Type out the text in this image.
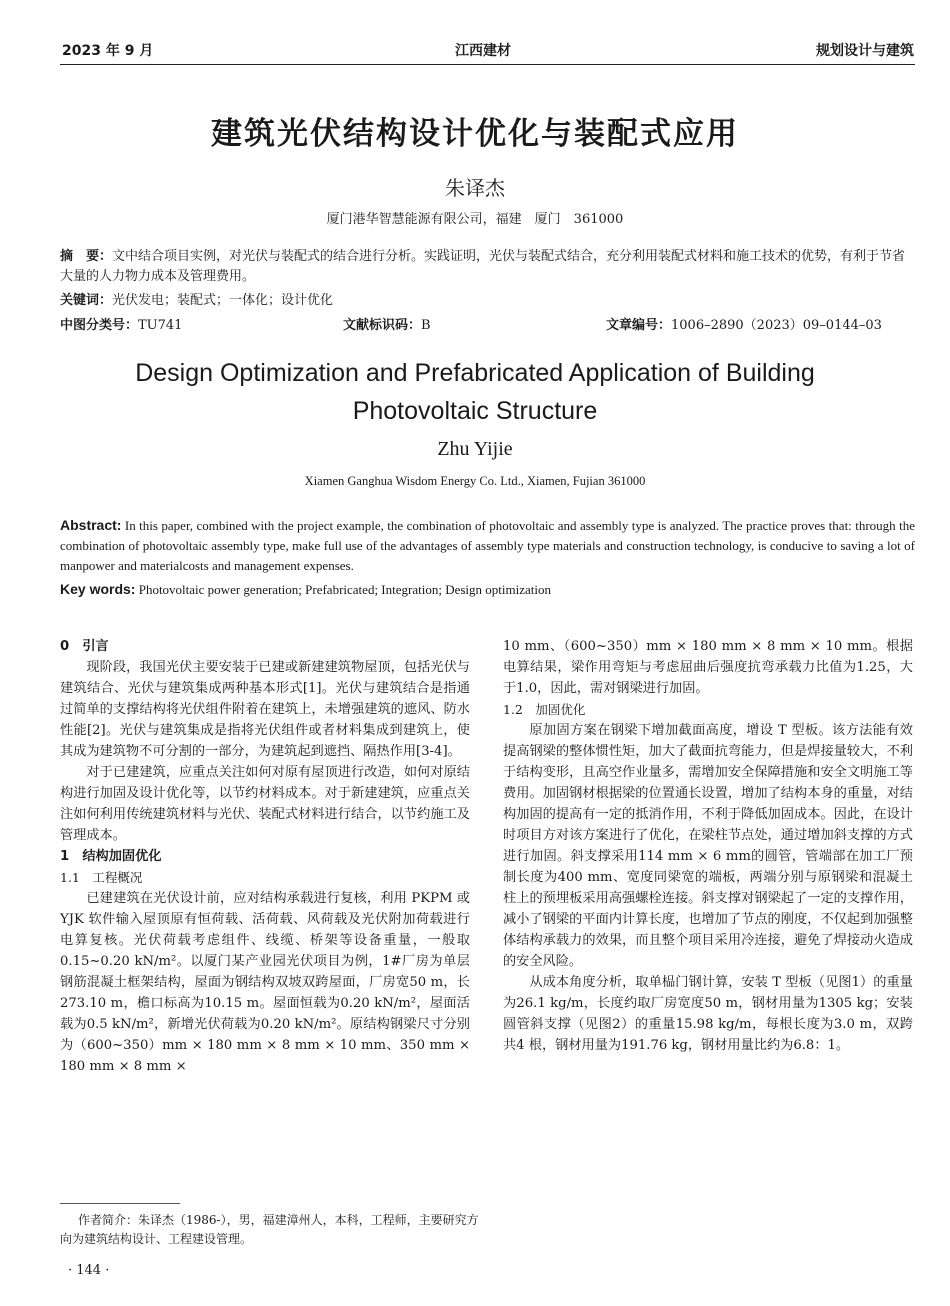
2023 年 9 月	江西建材	规划设计与建筑
建筑光伏结构设计优化与装配式应用
朱译杰
厦门港华智慧能源有限公司，福建　厦门　361000
摘　要：文中结合项目实例，对光伏与装配式的结合进行分析。实践证明，光伏与装配式结合，充分利用装配式材料和施工技术的优势，有利于节省大量的人力物力成本及管理费用。
关键词：光伏发电；装配式；一体化；设计优化
中图分类号：TU741	文献标识码：B	文章编号：1006–2890（2023）09–0144–03
Design Optimization and Prefabricated Application of Building
Photovoltaic Structure
Zhu Yijie
Xiamen Ganghua Wisdom Energy Co. Ltd., Xiamen, Fujian 361000
Abstract: In this paper, combined with the project example, the combination of photovoltaic and assembly type is analyzed. The practice proves that: through the combination of photovoltaic assembly type, make full use of the advantages of assembly type materials and construction technology, is conducive to saving a lot of manpower and materialcosts and management expenses.
Key words: Photovoltaic power generation; Prefabricated; Integration; Design optimization

0　引言

现阶段，我国光伏主要安装于已建或新建建筑物屋顶，包括光伏与建筑结合、光伏与建筑集成两种基本形式[1]。光伏与建筑结合是指通过简单的支撑结构将光伏组件附着在建筑上，未增强建筑的遮风、防水性能[2]。光伏与建筑集成是指将光伏组件或者材料集成到建筑上，使其成为建筑物不可分割的一部分，为建筑起到遮挡、隔热作用[3-4]。

对于已建建筑，应重点关注如何对原有屋顶进行改造，如何对原结构进行加固及设计优化等，以节约材料成本。对于新建建筑，应重点关注如何利用传统建筑材料与光伏、装配式材料进行结合，以节约施工及管理成本。

1　结构加固优化

1.1　工程概况

已建建筑在光伏设计前，应对结构承载进行复核，利用 PKPM 或 YJK 软件输入屋顶原有恒荷载、活荷载、风荷载及光伏附加荷载进行电算复核。光伏荷载考虑组件、线缆、桥架等设备重量，一般取0.15~0.20 kN/m²。以厦门某产业园光伏项目为例，1#厂房为单层钢筋混凝土框架结构，屋面为钢结构双坡双跨屋面，厂房宽50 m，长273.10 m，檐口标高为10.15 m。屋面恒载为0.20 kN/m²，屋面活载为0.5 kN/m²，新增光伏荷载为0.20 kN/m²。原结构钢梁尺寸分别为（600~350）mm × 180 mm × 8 mm × 10 mm、350 mm × 180 mm × 8 mm ×

10 mm、（600~350）mm × 180 mm × 8 mm × 10 mm。根据电算结果，梁作用弯矩与考虑屈曲后强度抗弯承载力比值为1.25，大于1.0，因此，需对钢梁进行加固。

1.2　加固优化

原加固方案在钢梁下增加截面高度，增设 T 型板。该方法能有效提高钢梁的整体惯性矩，加大了截面抗弯能力，但是焊接量较大，不利于结构变形，且高空作业量多，需增加安全保障措施和安全文明施工等费用。加固钢材根据梁的位置通长设置，增加了结构本身的重量，对结构加固的提高有一定的抵消作用，不利于降低加固成本。因此，在设计时项目方对该方案进行了优化，在梁柱节点处，通过增加斜支撑的方式进行加固。斜支撑采用114 mm × 6 mm的圆管，管端部在加工厂预制长度为400 mm、宽度同梁宽的端板，两端分别与原钢梁和混凝土柱上的预埋板采用高强螺栓连接。斜支撑对钢梁起了一定的支撑作用，减小了钢梁的平面内计算长度，也增加了节点的刚度，不仅起到加强整体结构承载力的效果，而且整个项目采用冷连接，避免了焊接动火造成的安全风险。

从成本角度分析，取单榀门钢计算，安装 T 型板（见图1）的重量为26.1 kg/m，长度约取厂房宽度50 m，钢材用量为1305 kg；安装圆管斜支撑（见图2）的重量15.98 kg/m，每根长度为3.0 m，双跨共4 根，钢材用量为191.76 kg，钢材用量比约为6.8：1。

作者简介：朱译杰（1986-），男，福建漳州人，本科，工程师，主要研究方向为建筑结构设计、工程建设管理。
· 144 ·
